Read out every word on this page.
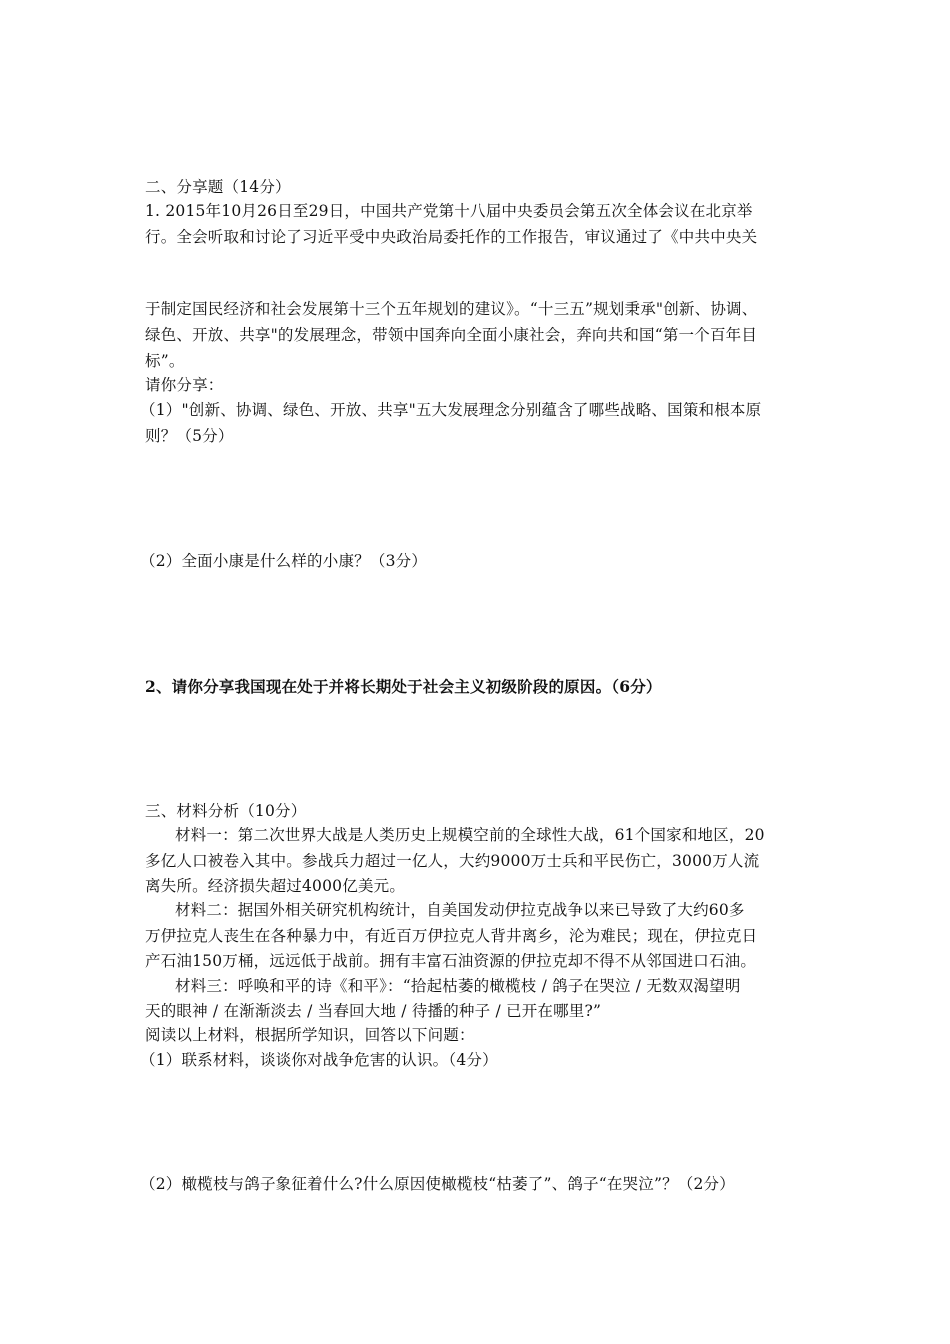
二、分享题（14分）
1. 2015年10月26日至29日，中国共产党第十八届中央委员会第五次全体会议在北京举
行。全会听取和讨论了习近平受中央政治局委托作的工作报告，审议通过了《中共中央关
于制定国民经济和社会发展第十三个五年规划的建议》。“十三五”规划秉承"创新、协调、
绿色、开放、共享"的发展理念，带领中国奔向全面小康社会，奔向共和国“第一个百年目
标”。
请你分享：
（1）"创新、协调、绿色、开放、共享"五大发展理念分别蕴含了哪些战略、国策和根本原
则？（5分）
（2）全面小康是什么样的小康？（3分）
2、请你分享我国现在处于并将长期处于社会主义初级阶段的原因。（6分）
三、材料分析（10分）
材料一：第二次世界大战是人类历史上规模空前的全球性大战，61个国家和地区，20
多亿人口被卷入其中。参战兵力超过一亿人，大约9000万士兵和平民伤亡，3000万人流
离失所。经济损失超过4000亿美元。
材料二：据国外相关研究机构统计，自美国发动伊拉克战争以来已导致了大约60多
万伊拉克人丧生在各种暴力中，有近百万伊拉克人背井离乡，沦为难民；现在，伊拉克日
产石油150万桶，远远低于战前。拥有丰富石油资源的伊拉克却不得不从邻国进口石油。
材料三：呼唤和平的诗《和平》：“拾起枯萎的橄榄枝 / 鸽子在哭泣 / 无数双渴望明
天的眼神 / 在渐渐淡去 / 当春回大地 / 待播的种子 / 已开在哪里?”
阅读以上材料，根据所学知识，回答以下问题：
（1）联系材料，谈谈你对战争危害的认识。（4分）
（2）橄榄枝与鸽子象征着什么?什么原因使橄榄枝“枯萎了”、鸽子“在哭泣”？（2分）
